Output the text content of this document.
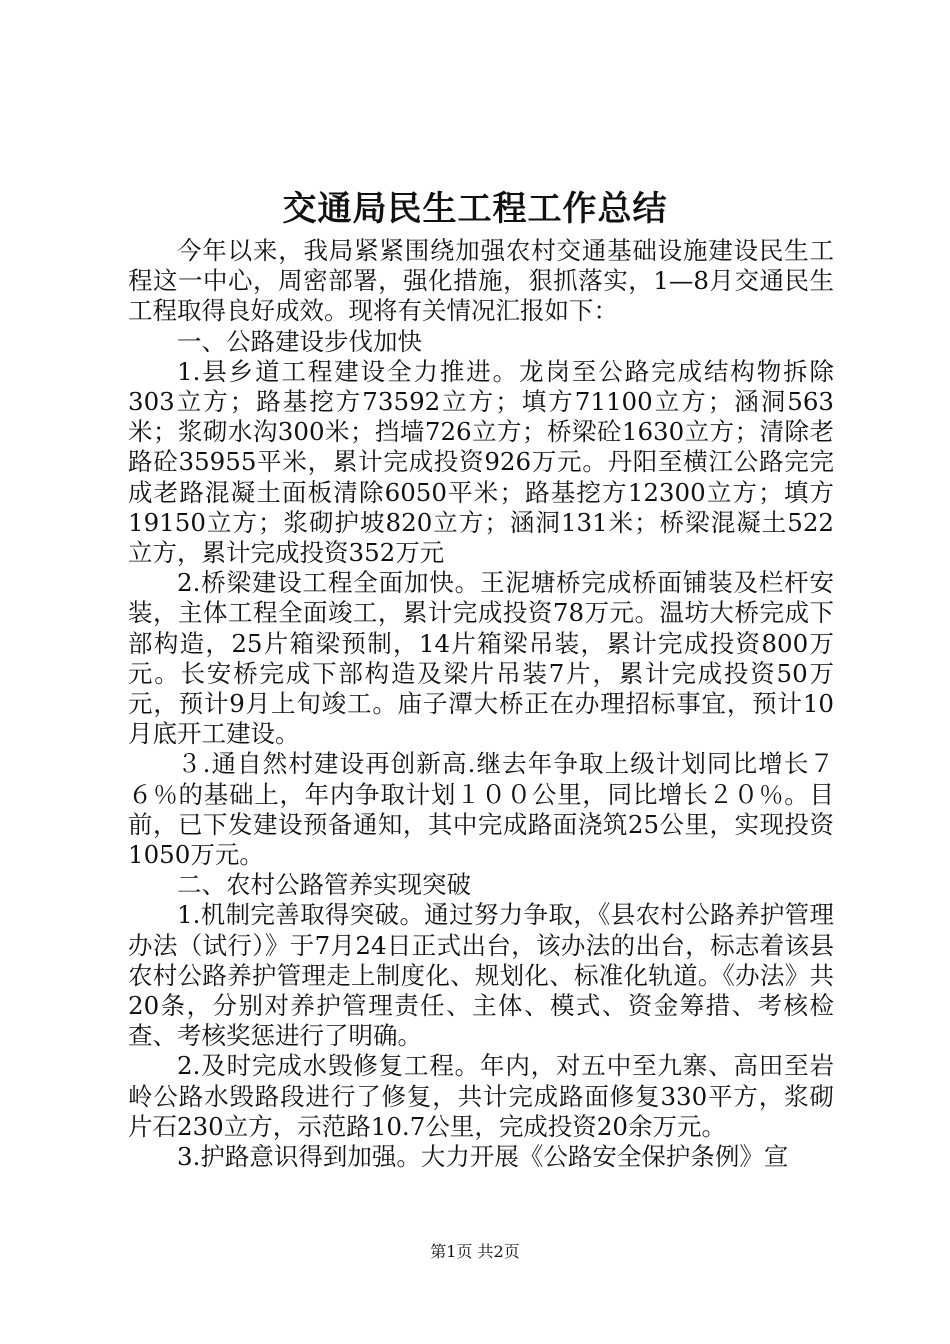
交通局民生工程工作总结

今年以来，我局紧紧围绕加强农村交通基础设施建设民生工程这一中心，周密部署，强化措施，狠抓落实，1—8月交通民生工程取得良好成效。现将有关情况汇报如下：

一、公路建设步伐加快

1.县乡道工程建设全力推进。龙岗至公路完成结构物拆除303立方；路基挖方73592立方；填方71100立方；涵洞563米；浆砌水沟300米；挡墙726立方；桥梁砼1630立方；清除老路砼35955平米，累计完成投资926万元。丹阳至横江公路完完成老路混凝土面板清除6050平米；路基挖方12300立方；填方19150立方；浆砌护坡820立方；涵洞131米；桥梁混凝土522立方，累计完成投资352万元

2.桥梁建设工程全面加快。王泥塘桥完成桥面铺装及栏杆安装，主体工程全面竣工，累计完成投资78万元。温坊大桥完成下部构造，25片箱梁预制，14片箱梁吊装，累计完成投资800万元。长安桥完成下部构造及梁片吊装7片，累计完成投资50万元，预计9月上旬竣工。庙子潭大桥正在办理招标事宜，预计10月底开工建设。

３.通自然村建设再创新高.继去年争取上级计划同比增长７６％的基础上，年内争取计划１００公里，同比增长２０％。目前，已下发建设预备通知，其中完成路面浇筑25公里，实现投资1050万元。

二、农村公路管养实现突破

1.机制完善取得突破。通过努力争取，《县农村公路养护管理办法（试行）》于7月24日正式出台，该办法的出台，标志着该县农村公路养护管理走上制度化、规划化、标准化轨道。《办法》共20条，分别对养护管理责任、主体、模式、资金筹措、考核检查、考核奖惩进行了明确。

2.及时完成水毁修复工程。年内，对五中至九寨、高田至岩岭公路水毁路段进行了修复，共计完成路面修复330平方，浆砌片石230立方，示范路10.7公里，完成投资20余万元。

3.护路意识得到加强。大力开展《公路安全保护条例》宣

第1页 共2页
